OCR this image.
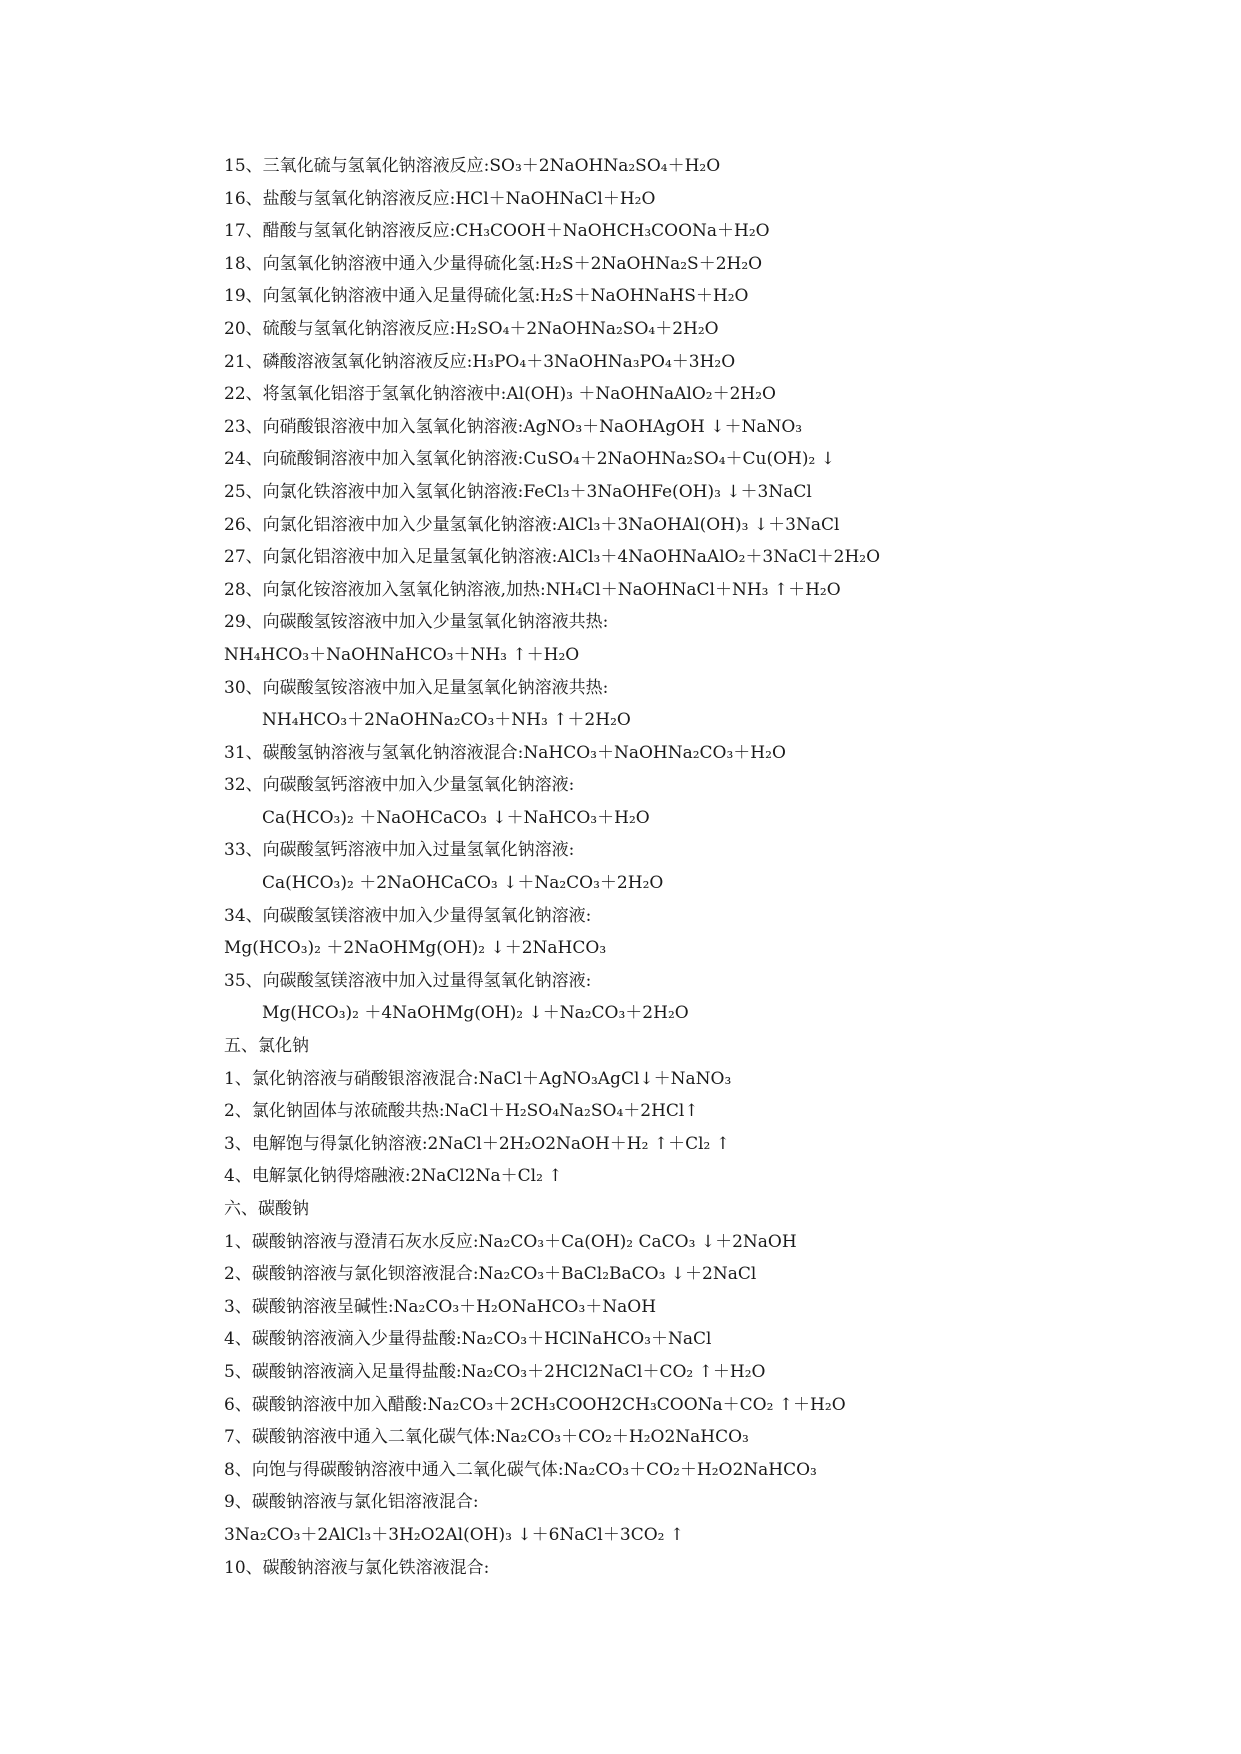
15、三氧化硫与氢氧化钠溶液反应:SO₃＋2NaOHNa₂SO₄＋H₂O
16、盐酸与氢氧化钠溶液反应:HCl＋NaOHNaCl＋H₂O
17、醋酸与氢氧化钠溶液反应:CH₃COOH＋NaOHCH₃COONa＋H₂O
18、向氢氧化钠溶液中通入少量得硫化氢:H₂S＋2NaOHNa₂S＋2H₂O
19、向氢氧化钠溶液中通入足量得硫化氢:H₂S＋NaOHNaHS＋H₂O
20、硫酸与氢氧化钠溶液反应:H₂SO₄＋2NaOHNa₂SO₄＋2H₂O
21、磷酸溶液氢氧化钠溶液反应:H₃PO₄＋3NaOHNa₃PO₄＋3H₂O
22、将氢氧化铝溶于氢氧化钠溶液中:Al(OH)₃ ＋NaOHNaAlO₂＋2H₂O
23、向硝酸银溶液中加入氢氧化钠溶液:AgNO₃＋NaOHAgOH ↓＋NaNO₃
24、向硫酸铜溶液中加入氢氧化钠溶液:CuSO₄＋2NaOHNa₂SO₄＋Cu(OH)₂ ↓
25、向氯化铁溶液中加入氢氧化钠溶液:FeCl₃＋3NaOHFe(OH)₃ ↓＋3NaCl
26、向氯化铝溶液中加入少量氢氧化钠溶液:AlCl₃＋3NaOHAl(OH)₃ ↓＋3NaCl
27、向氯化铝溶液中加入足量氢氧化钠溶液:AlCl₃＋4NaOHNaAlO₂＋3NaCl＋2H₂O
28、向氯化铵溶液加入氢氧化钠溶液,加热:NH₄Cl＋NaOHNaCl＋NH₃ ↑＋H₂O
29、向碳酸氢铵溶液中加入少量氢氧化钠溶液共热:
NH₄HCO₃＋NaOHNaHCO₃＋NH₃ ↑＋H₂O
30、向碳酸氢铵溶液中加入足量氢氧化钠溶液共热:
NH₄HCO₃＋2NaOHNa₂CO₃＋NH₃ ↑＋2H₂O
31、碳酸氢钠溶液与氢氧化钠溶液混合:NaHCO₃＋NaOHNa₂CO₃＋H₂O
32、向碳酸氢钙溶液中加入少量氢氧化钠溶液:
Ca(HCO₃)₂ ＋NaOHCaCO₃ ↓＋NaHCO₃＋H₂O
33、向碳酸氢钙溶液中加入过量氢氧化钠溶液:
Ca(HCO₃)₂ ＋2NaOHCaCO₃ ↓＋Na₂CO₃＋2H₂O
34、向碳酸氢镁溶液中加入少量得氢氧化钠溶液:
Mg(HCO₃)₂ ＋2NaOHMg(OH)₂ ↓＋2NaHCO₃
35、向碳酸氢镁溶液中加入过量得氢氧化钠溶液:
Mg(HCO₃)₂ ＋4NaOHMg(OH)₂ ↓＋Na₂CO₃＋2H₂O
五、氯化钠
1、氯化钠溶液与硝酸银溶液混合:NaCl＋AgNO₃AgCl↓＋NaNO₃
2、氯化钠固体与浓硫酸共热:NaCl＋H₂SO₄Na₂SO₄＋2HCl↑
3、电解饱与得氯化钠溶液:2NaCl＋2H₂O2NaOH＋H₂ ↑＋Cl₂ ↑
4、电解氯化钠得熔融液:2NaCl2Na＋Cl₂ ↑
六、碳酸钠
1、碳酸钠溶液与澄清石灰水反应:Na₂CO₃＋Ca(OH)₂ CaCO₃ ↓＋2NaOH
2、碳酸钠溶液与氯化钡溶液混合:Na₂CO₃＋BaCl₂BaCO₃ ↓＋2NaCl
3、碳酸钠溶液呈碱性:Na₂CO₃＋H₂ONaHCO₃＋NaOH
4、碳酸钠溶液滴入少量得盐酸:Na₂CO₃＋HClNaHCO₃＋NaCl
5、碳酸钠溶液滴入足量得盐酸:Na₂CO₃＋2HCl2NaCl＋CO₂ ↑＋H₂O
6、碳酸钠溶液中加入醋酸:Na₂CO₃＋2CH₃COOH2CH₃COONa＋CO₂ ↑＋H₂O
7、碳酸钠溶液中通入二氧化碳气体:Na₂CO₃＋CO₂＋H₂O2NaHCO₃
8、向饱与得碳酸钠溶液中通入二氧化碳气体:Na₂CO₃＋CO₂＋H₂O2NaHCO₃
9、碳酸钠溶液与氯化铝溶液混合:
3Na₂CO₃＋2AlCl₃＋3H₂O2Al(OH)₃ ↓＋6NaCl＋3CO₂ ↑
10、碳酸钠溶液与氯化铁溶液混合:
